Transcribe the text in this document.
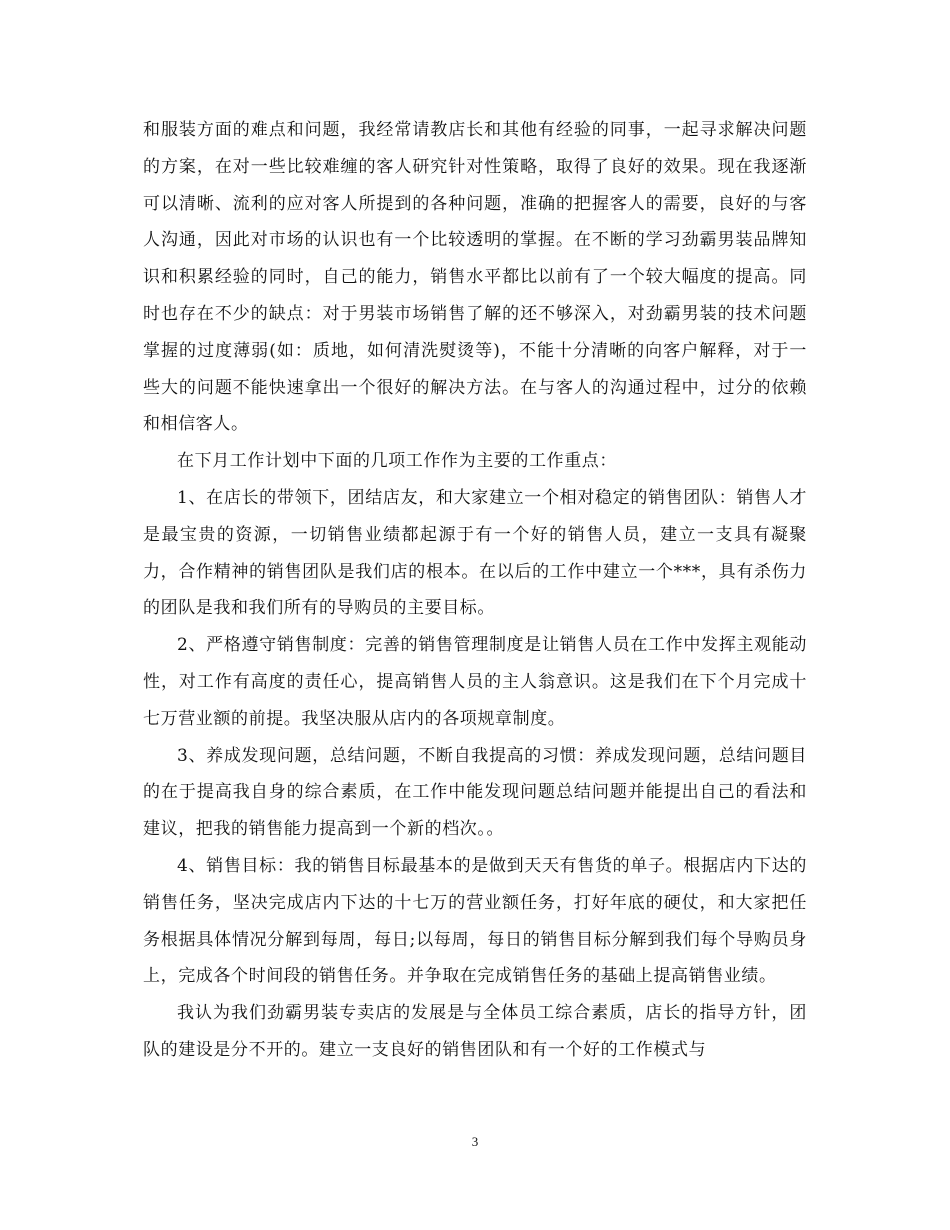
和服装方面的难点和问题，我经常请教店长和其他有经验的同事，一起寻求解决问题的方案，在对一些比较难缠的客人研究针对性策略，取得了良好的效果。现在我逐渐可以清晰、流利的应对客人所提到的各种问题，准确的把握客人的需要，良好的与客人沟通，因此对市场的认识也有一个比较透明的掌握。在不断的学习劲霸男装品牌知识和积累经验的同时，自己的能力，销售水平都比以前有了一个较大幅度的提高。同时也存在不少的缺点：对于男装市场销售了解的还不够深入，对劲霸男装的技术问题掌握的过度薄弱(如：质地，如何清洗熨烫等)，不能十分清晰的向客户解释，对于一些大的问题不能快速拿出一个很好的解决方法。在与客人的沟通过程中，过分的依赖和相信客人。

在下月工作计划中下面的几项工作作为主要的工作重点：

1、在店长的带领下，团结店友，和大家建立一个相对稳定的销售团队：销售人才是最宝贵的资源，一切销售业绩都起源于有一个好的销售人员，建立一支具有凝聚力，合作精神的销售团队是我们店的根本。在以后的工作中建立一个***，具有杀伤力的团队是我和我们所有的导购员的主要目标。

2、严格遵守销售制度：完善的销售管理制度是让销售人员在工作中发挥主观能动性，对工作有高度的责任心，提高销售人员的主人翁意识。这是我们在下个月完成十七万营业额的前提。我坚决服从店内的各项规章制度。

3、养成发现问题，总结问题，不断自我提高的习惯：养成发现问题，总结问题目的在于提高我自身的综合素质，在工作中能发现问题总结问题并能提出自己的看法和建议，把我的销售能力提高到一个新的档次。。

4、销售目标：我的销售目标最基本的是做到天天有售货的单子。根据店内下达的销售任务，坚决完成店内下达的十七万的营业额任务，打好年底的硬仗，和大家把任务根据具体情况分解到每周，每日;以每周，每日的销售目标分解到我们每个导购员身上，完成各个时间段的销售任务。并争取在完成销售任务的基础上提高销售业绩。

我认为我们劲霸男装专卖店的发展是与全体员工综合素质，店长的指导方针，团队的建设是分不开的。建立一支良好的销售团队和有一个好的工作模式与

3
